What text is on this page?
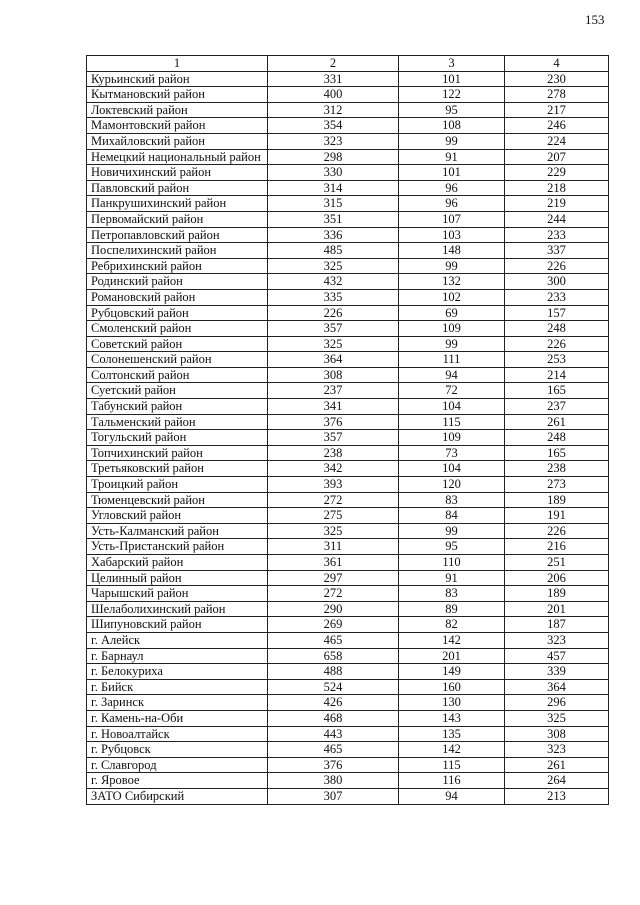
153
1	2	3	4
Курьинский район	331	101	230
Кытмановский район	400	122	278
Локтевский район	312	95	217
Мамонтовский район	354	108	246
Михайловский район	323	99	224
Немецкий национальный район	298	91	207
Новичихинский район	330	101	229
Павловский район	314	96	218
Панкрушихинский район	315	96	219
Первомайский район	351	107	244
Петропавловский район	336	103	233
Поспелихинский район	485	148	337
Ребрихинский район	325	99	226
Родинский район	432	132	300
Романовский район	335	102	233
Рубцовский район	226	69	157
Смоленский район	357	109	248
Советский район	325	99	226
Солонешенский район	364	111	253
Солтонский район	308	94	214
Суетский район	237	72	165
Табунский район	341	104	237
Тальменский район	376	115	261
Тогульский район	357	109	248
Топчихинский район	238	73	165
Третьяковский район	342	104	238
Троицкий район	393	120	273
Тюменцевский район	272	83	189
Угловский район	275	84	191
Усть-Калманский район	325	99	226
Усть-Пристанский район	311	95	216
Хабарский район	361	110	251
Целинный район	297	91	206
Чарышский район	272	83	189
Шелаболихинский район	290	89	201
Шипуновский район	269	82	187
г. Алейск	465	142	323
г. Барнаул	658	201	457
г. Белокуриха	488	149	339
г. Бийск	524	160	364
г. Заринск	426	130	296
г. Камень-на-Оби	468	143	325
г. Новоалтайск	443	135	308
г. Рубцовск	465	142	323
г. Славгород	376	115	261
г. Яровое	380	116	264
ЗАТО Сибирский	307	94	213
